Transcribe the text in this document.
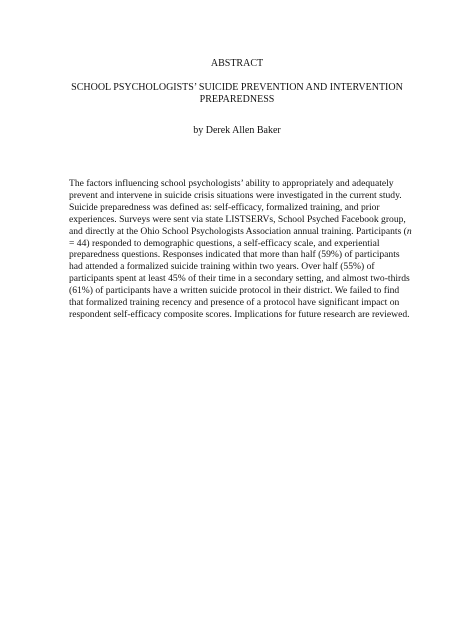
ABSTRACT
SCHOOL PSYCHOLOGISTS’ SUICIDE PREVENTION AND INTERVENTION PREPAREDNESS
by Derek Allen Baker
The factors influencing school psychologists’ ability to appropriately and adequately
prevent and intervene in suicide crisis situations were investigated in the current study.
Suicide preparedness was defined as: self-efficacy, formalized training, and prior
experiences. Surveys were sent via state LISTSERVs, School Psyched Facebook group,
and directly at the Ohio School Psychologists Association annual training. Participants (n
= 44) responded to demographic questions, a self-efficacy scale, and experiential
preparedness questions. Responses indicated that more than half (59%) of participants
had attended a formalized suicide training within two years. Over half (55%) of
participants spent at least 45% of their time in a secondary setting, and almost two-thirds
(61%) of participants have a written suicide protocol in their district. We failed to find
that formalized training recency and presence of a protocol have significant impact on
respondent self-efficacy composite scores. Implications for future research are reviewed.
